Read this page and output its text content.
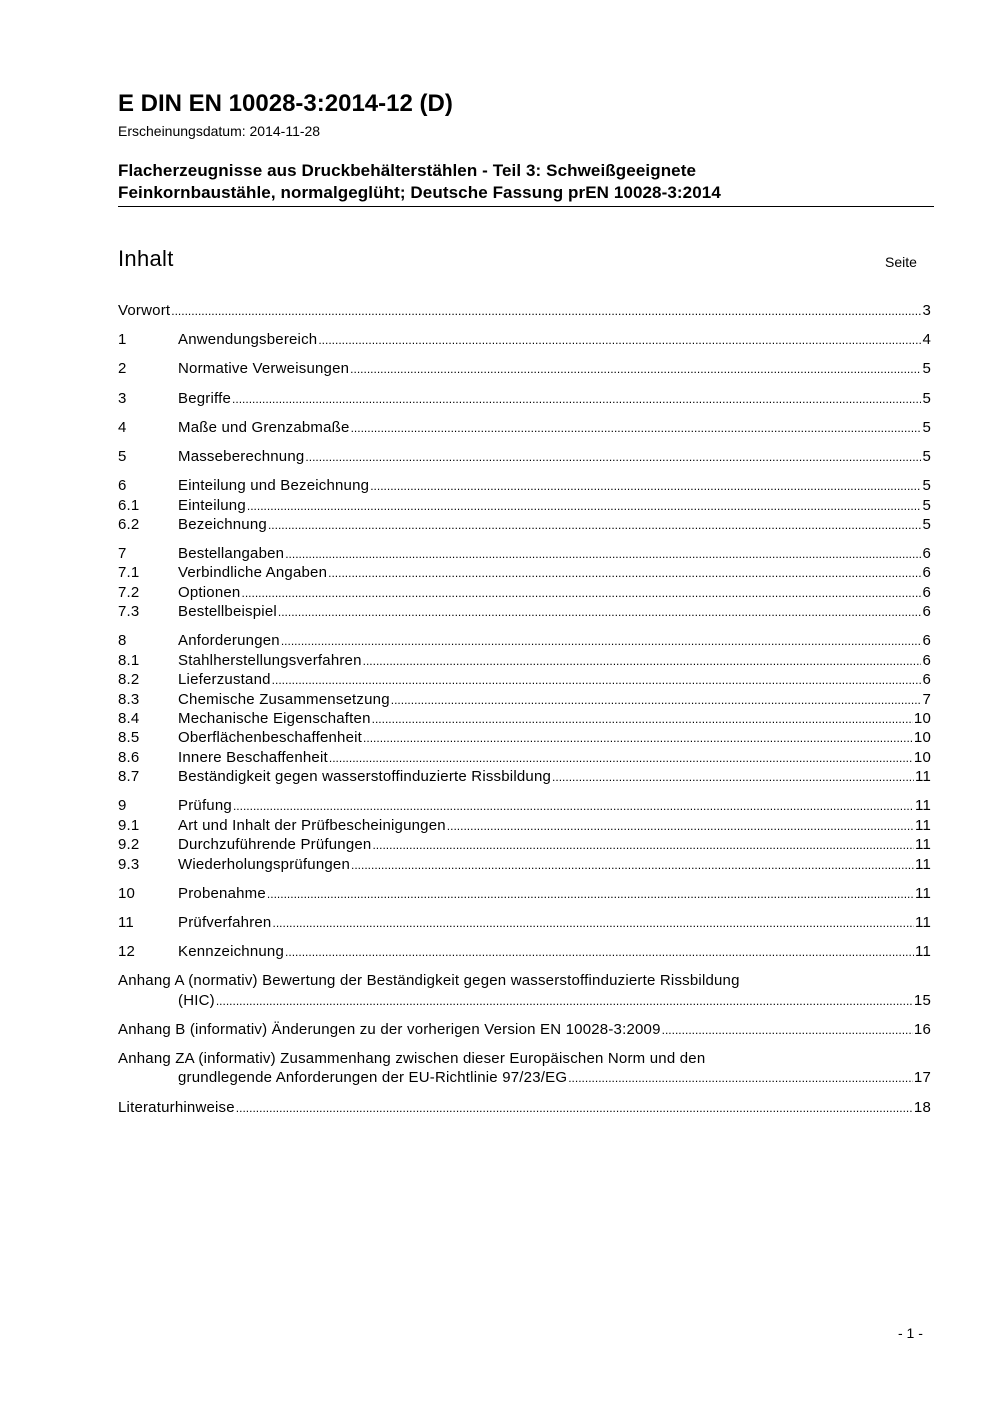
E DIN EN 10028-3:2014-12 (D)
Erscheinungsdatum: 2014-11-28
Flacherzeugnisse aus Druckbehälterstählen - Teil 3: Schweißgeeignete
Feinkornbaustähle, normalgeglüht; Deutsche Fassung prEN 10028-3:2014
Inhalt	Seite
Vorwort .....	3
1	Anwendungsbereich .....	4
2	Normative Verweisungen .....	5
3	Begriffe .....	5
4	Maße und Grenzabmaße .....	5
5	Masseberechnung .....	5
6	Einteilung und Bezeichnung .....	5
6.1	Einteilung .....	5
6.2	Bezeichnung .....	5
7	Bestellangaben .....	6
7.1	Verbindliche Angaben .....	6
7.2	Optionen .....	6
7.3	Bestellbeispiel .....	6
8	Anforderungen .....	6
8.1	Stahlherstellungsverfahren .....	6
8.2	Lieferzustand .....	6
8.3	Chemische Zusammensetzung .....	7
8.4	Mechanische Eigenschaften .....	10
8.5	Oberflächenbeschaffenheit .....	10
8.6	Innere Beschaffenheit .....	10
8.7	Beständigkeit gegen wasserstoffinduzierte Rissbildung .....	11
9	Prüfung .....	11
9.1	Art und Inhalt der Prüfbescheinigungen .....	11
9.2	Durchzuführende Prüfungen .....	11
9.3	Wiederholungsprüfungen .....	11
10	Probenahme .....	11
11	Prüfverfahren .....	11
12	Kennzeichnung .....	11
Anhang A (normativ) Bewertung der Beständigkeit gegen wasserstoffinduzierte Rissbildung
(HIC) .....	15
Anhang B (informativ) Änderungen zu der vorherigen Version EN 10028-3:2009 .....	16
Anhang ZA (informativ) Zusammenhang zwischen dieser Europäischen Norm und den
grundlegende Anforderungen der EU-Richtlinie 97/23/EG .....	17
Literaturhinweise .....	18
- 1 -
